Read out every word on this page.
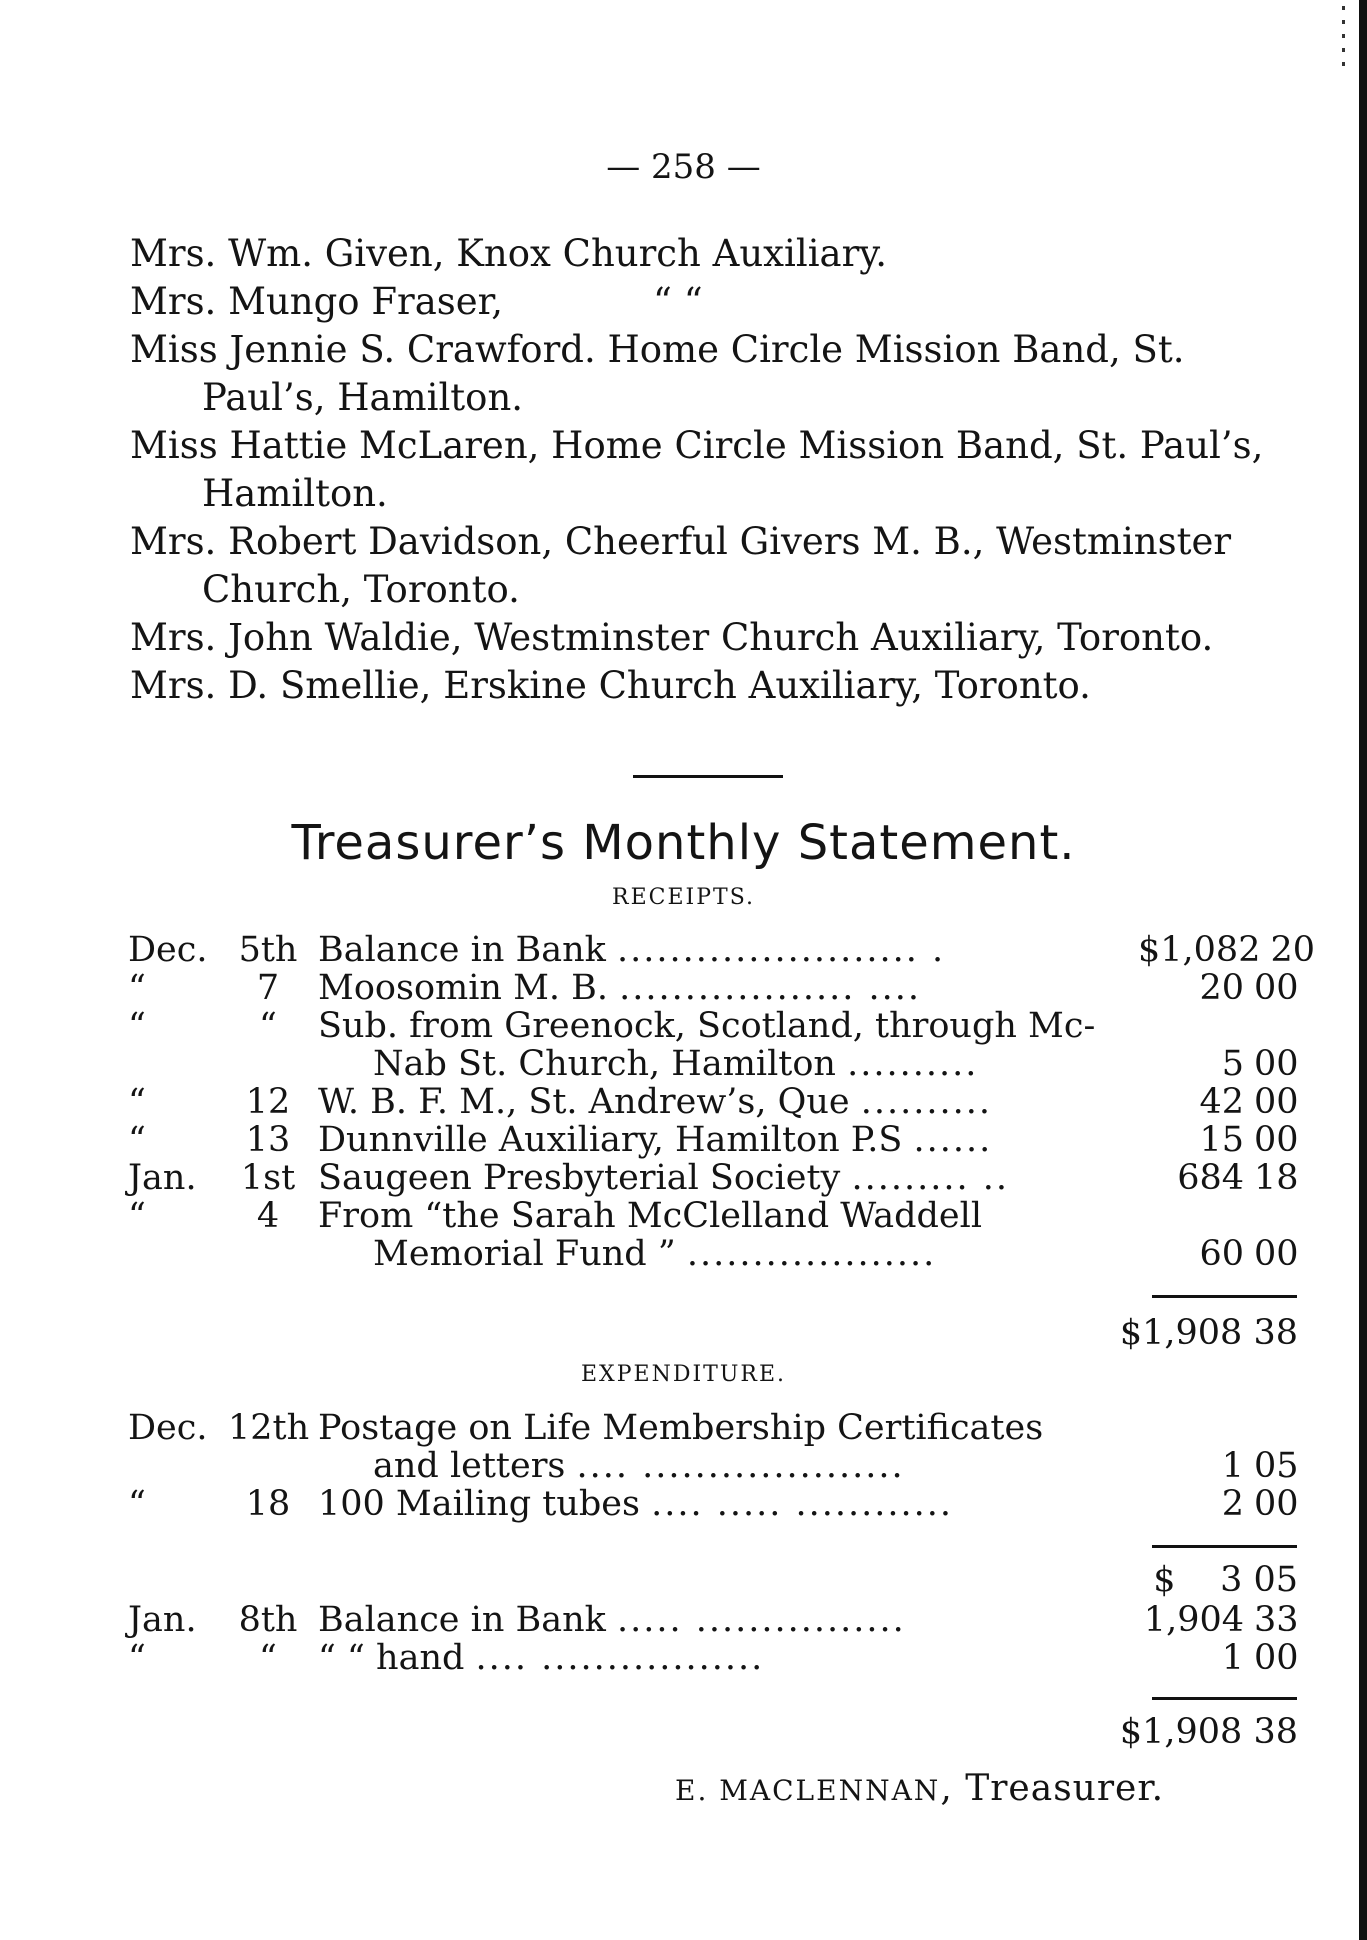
— 258 —
Mrs. Wm. Given, Knox Church Auxiliary.
Mrs. Mungo Fraser,	“ “
Miss Jennie S. Crawford. Home Circle Mission Band, St. Paul’s, Hamilton.
Miss Hattie McLaren, Home Circle Mission Band, St. Paul’s, Hamilton.
Mrs. Robert Davidson, Cheerful Givers M. B., Westminster Church, Toronto.
Mrs. John Waldie, Westminster Church Auxiliary, Toronto.
Mrs. D. Smellie, Erskine Church Auxiliary, Toronto.
Treasurer’s Monthly Statement.
RECEIPTS.
Dec. 5th Balance in Bank ....................... .	$1,082 20
“	7	Moosomin M. B. .................. ....	20 00
“	“	Sub. from Greenock, Scotland, through Mc-
Nab St. Church, Hamilton ..........	5 00
“	12 W. B. F. M., St. Andrew’s, Que ..........	42 00
“	13 Dunnville Auxiliary, Hamilton P.S ......	15 00
Jan.	1st Saugeen Presbyterial Society ......... ..	684 18
“	4	From “the Sarah McClelland Waddell
Memorial Fund ” ...................	60 00
$1,908 38
EXPENDITURE.
Dec. 12th Postage on Life Membership Certificates
and letters .... ....................	1 05
“	18 100 Mailing tubes .... ..... ............	2 00
$    3 05
Jan.	8th Balance in Bank ..... ................	1,904 33
“	“	“ “ hand .... .................	1 00
$1,908 38
E. MACLENNAN, Treasurer.
